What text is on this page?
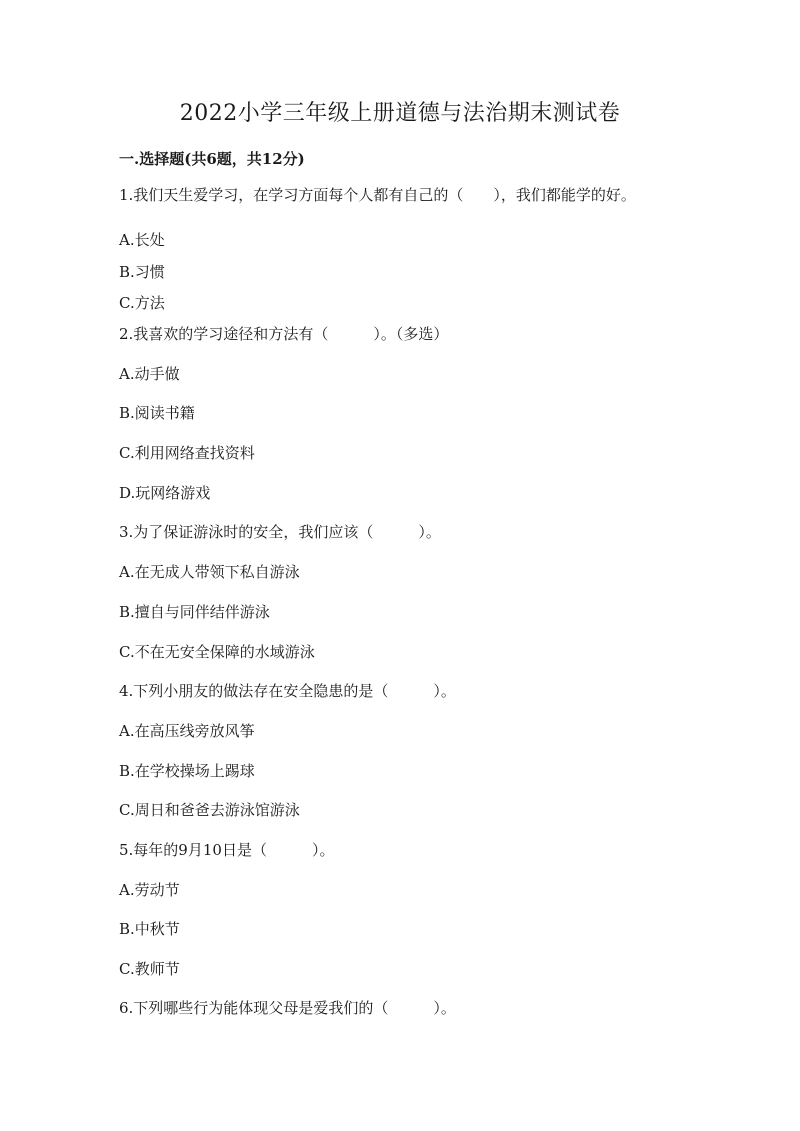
2022小学三年级上册道德与法治期末测试卷
一.选择题(共6题，共12分)
1.我们天生爱学习，在学习方面每个人都有自己的（　　），我们都能学的好。
A.长处
B.习惯
C.方法
2.我喜欢的学习途径和方法有（　　　）。（多选）
A.动手做
B.阅读书籍
C.利用网络查找资料
D.玩网络游戏
3.为了保证游泳时的安全，我们应该（　　　）。
A.在无成人带领下私自游泳
B.擅自与同伴结伴游泳
C.不在无安全保障的水域游泳
4.下列小朋友的做法存在安全隐患的是（　　　）。
A.在高压线旁放风筝
B.在学校操场上踢球
C.周日和爸爸去游泳馆游泳
5.每年的9月10日是（　　　）。
A.劳动节
B.中秋节
C.教师节
6.下列哪些行为能体现父母是爱我们的（　　　）。
